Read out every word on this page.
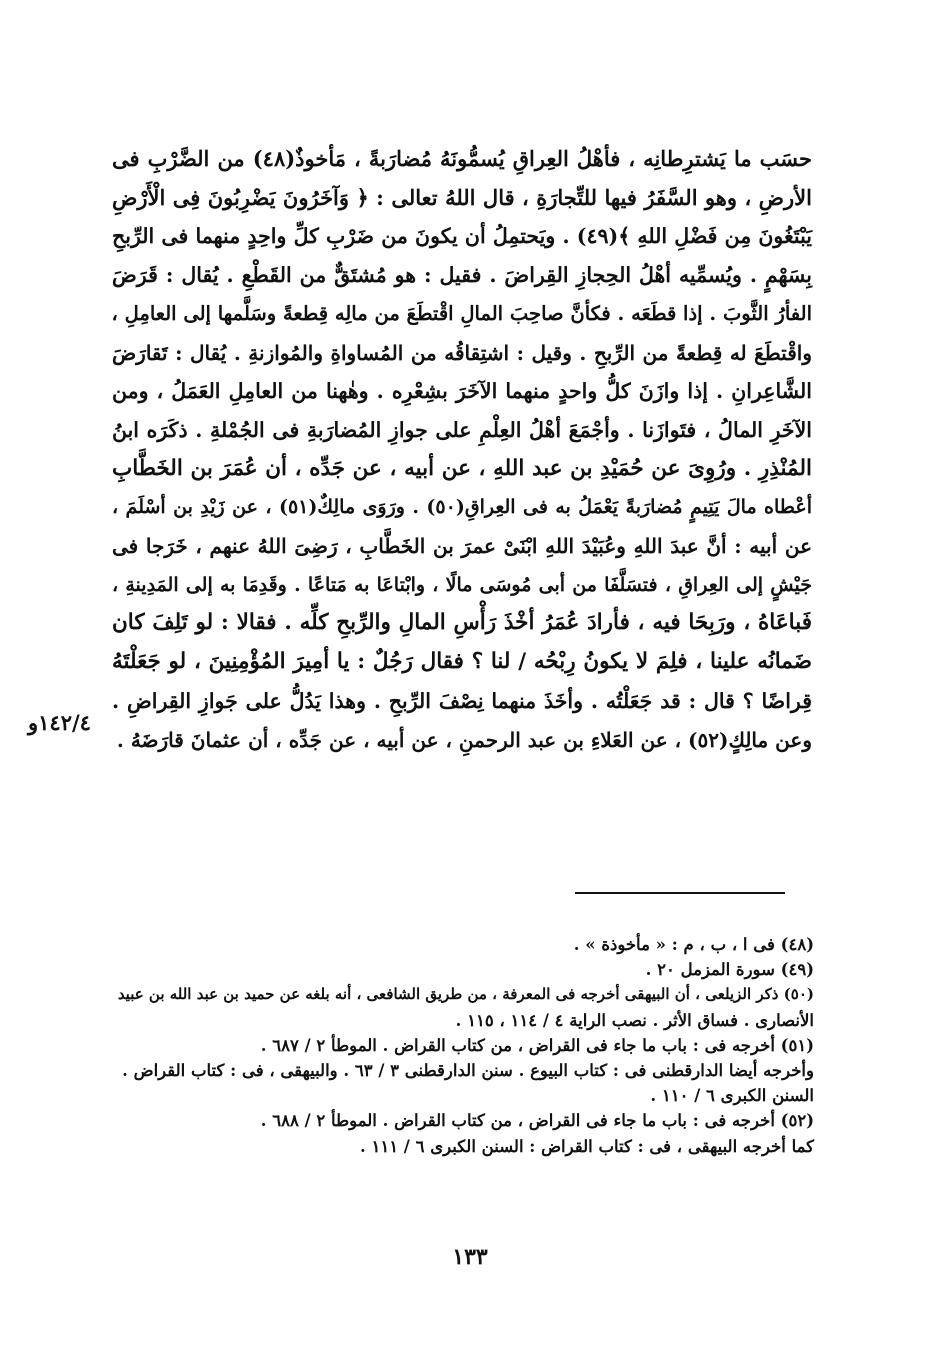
حسَب ما يَشترِطانِه ، فأهْلُ العِراقِ يُسمُّونَهُ مُضارَبةً ، مَأخوذٌ(٤٨) من الضَّرْبِ فى
الأرضِ ، وهو السَّفَرُ فيها للتِّجارَةِ ، قال اللهُ تعالى : ﴿ وَآخَرُونَ يَضْرِبُونَ فِى الْأَرْضِ
يَبْتَغُونَ مِن فَضْلِ اللهِ ﴾(٤٩) . ويَحتمِلُ أن يكونَ من ضَرْبِ كلِّ واحِدٍ منهما فى الرِّبحِ
بِسَهْمٍ . ويُسمِّيه أهْلُ الحِجازِ القِراضَ . فقيل : هو مُشتَقٌّ من القَطْعِ . يُقال : قَرَضَ
الفأرُ الثَّوبَ . إذا قطَعَه . فكأنَّ صاحِبَ المالِ اقْتطَعَ من مالِه قِطعةً وسَلَّمها إلى العامِلِ ،
واقْتطَعَ له قِطعةً من الرِّبحِ . وقيل : اشتِقاقُه من المُساواةِ والمُوازنةِ . يُقال : تَقارَضَ
الشَّاعِرانِ . إذا وازَنَ كلُّ واحدٍ منهما الآخَرَ بشِعْرِه . وهٰهنا من العامِلِ العَمَلُ ، ومن
الآخَرِ المالُ ، فتَوازَنا . وأجْمَعَ أهْلُ العِلْمِ على جوازِ المُضارَبةِ فى الجُمْلةِ . ذكَرَه ابنُ
المُنْذِرِ . ورُوِىَ عن حُمَيْدِ بن عبد اللهِ ، عن أبيه ، عن جَدِّه ، أن عُمَرَ بن الخَطَّابِ
أعْطاه مالَ يَتِيمٍ مُضارَبةً يَعْمَلُ به فى العِراقِ(٥٠) . ورَوَى مالِكٌ(٥١) ، عن زَيْدِ بن أسْلَمَ ،
عن أبيه : أنَّ عبدَ اللهِ وعُبَيْدَ اللهِ ابْنَىْ عمرَ بن الخَطَّابِ ، رَضِىَ اللهُ عنهم ، خَرَجا فى
جَيْشٍ إلى العِراقِ ، فتسَلَّفَا من أبى مُوسَى مالًا ، وابْتاعَا به مَتاعًا . وقَدِمَا به إلى المَدِينةِ ،
فَباعَاهُ ، ورَبِحَا فيه ، فأرادَ عُمَرُ أخْذَ رَأْسِ المالِ والرِّبحِ كلِّه . فقالا : لو تَلِفَ كان
ضَمانُه علينا ، فلِمَ لا يكونُ رِبْحُه / لنا ؟ فقال رَجُلٌ : يا أمِيرَ المُؤْمِنِينَ ، لو جَعَلْتَهُ
قِراضًا ؟ قال : قد جَعَلْتُه . وأخَذَ منهما نِصْفَ الرِّبحِ . وهذا يَدُلُّ على جَوازِ القِراضِ .
وعن مالِكٍ(٥٢) ، عن العَلاءِ بن عبد الرحمنِ ، عن أبيه ، عن جَدِّه ، أن عثمانَ قارَضَهُ .
١٤٢/٤و
(٤٨) فى ا ، ب ، م : « مأخوذة » .
(٤٩) سورة المزمل ٢٠ .
(٥٠) ذكر الزيلعى ، أن البيهقى أخرجه فى المعرفة ، من طريق الشافعى ، أنه بلغه عن حميد بن عبد الله بن عبيد
الأنصارى . فساق الأثر . نصب الراية ٤ / ١١٤ ، ١١٥ .
(٥١) أخرجه فى : باب ما جاء فى القراض ، من كتاب القراض . الموطأ ٢ / ٦٨٧ .
وأخرجه أيضا الدارقطنى فى : كتاب البيوع . سنن الدارقطنى ٣ / ٦٣ . والبيهقى ، فى : كتاب القراض .
السنن الكبرى ٦ / ١١٠ .
(٥٢) أخرجه فى : باب ما جاء فى القراض ، من كتاب القراض . الموطأ ٢ / ٦٨٨ .
كما أخرجه البيهقى ، فى : كتاب القراض : السنن الكبرى ٦ / ١١١ .
١٣٣
